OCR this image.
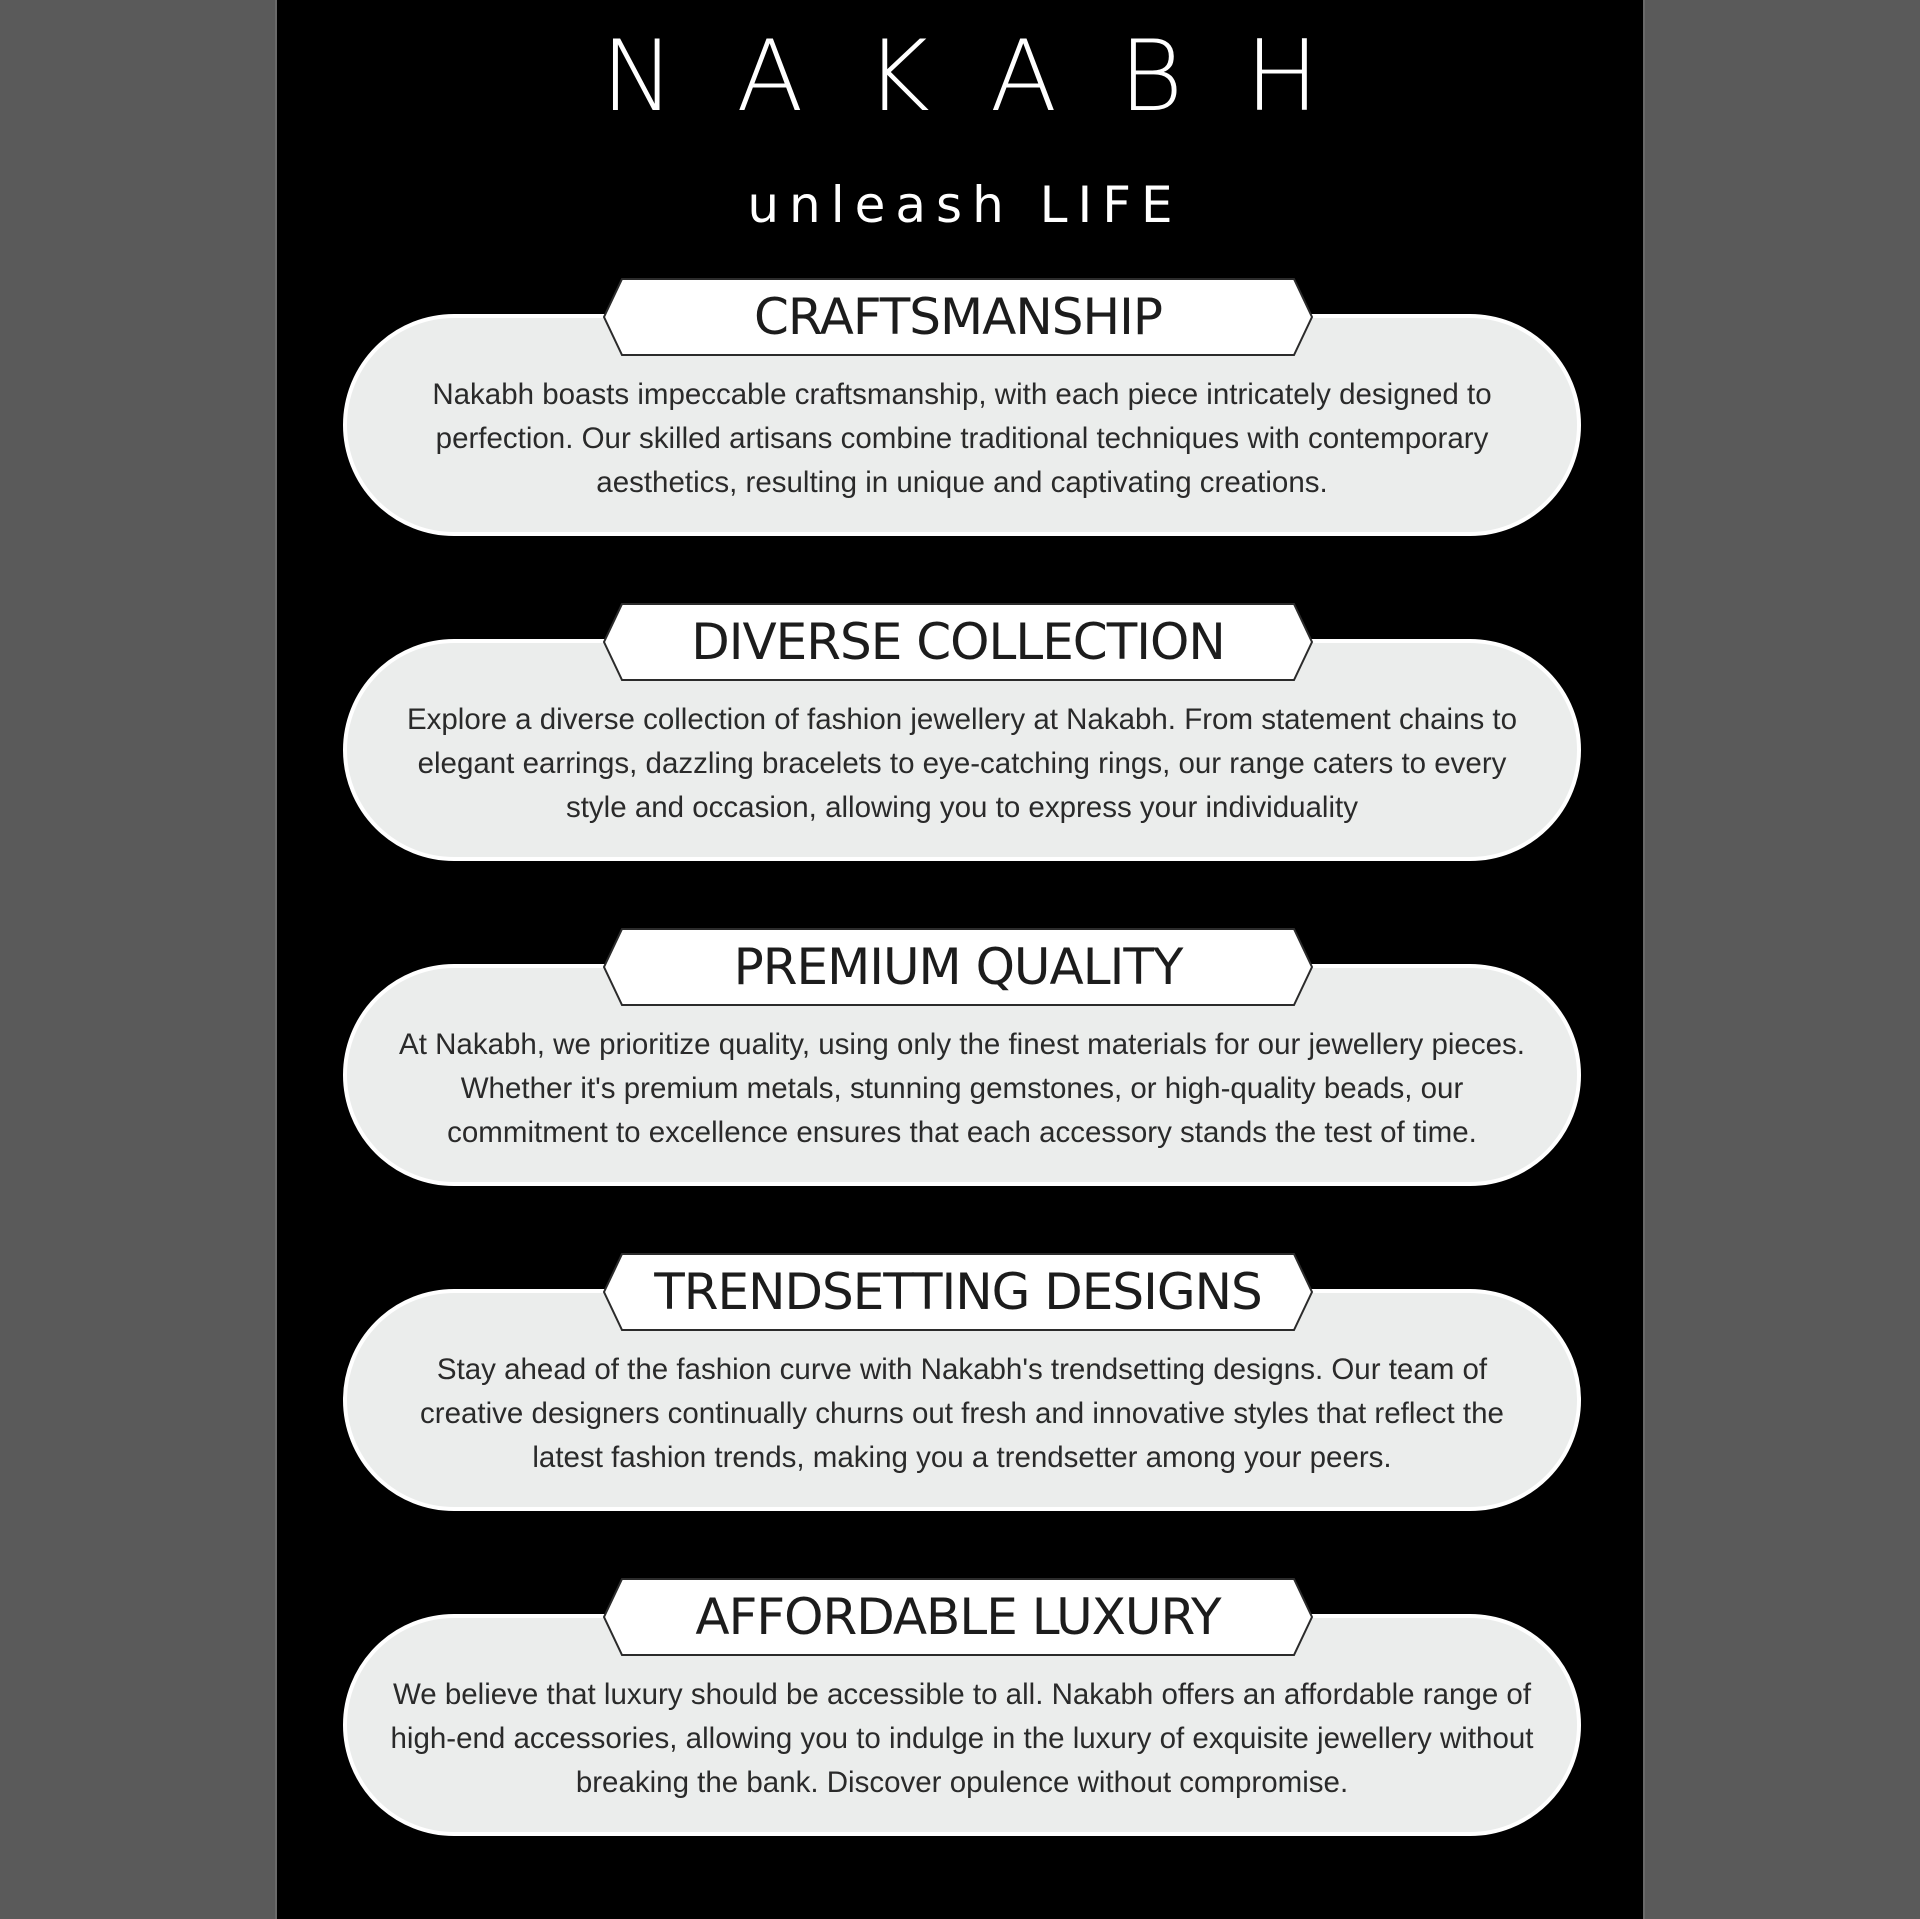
NAKABH
unleash LIFE
Nakabh boasts impeccable craftsmanship, with each piece intricately designed to perfection. Our skilled artisans combine traditional techniques with contemporary aesthetics, resulting in unique and captivating creations.
CRAFTSMANSHIP
Explore a diverse collection of fashion jewellery at Nakabh. From statement chains to elegant earrings, dazzling bracelets to eye-catching rings, our range caters to every style and occasion, allowing you to express your individuality
DIVERSE COLLECTION
At Nakabh, we prioritize quality, using only the finest materials for our jewellery pieces. Whether it's premium metals, stunning gemstones, or high-quality beads, our commitment to excellence ensures that each accessory stands the test of time.
PREMIUM QUALITY
Stay ahead of the fashion curve with Nakabh's trendsetting designs. Our team of creative designers continually churns out fresh and innovative styles that reflect the latest fashion trends, making you a trendsetter among your peers.
TRENDSETTING DESIGNS
We believe that luxury should be accessible to all. Nakabh offers an affordable range of high-end accessories, allowing you to indulge in the luxury of exquisite jewellery without breaking the bank. Discover opulence without compromise.
AFFORDABLE LUXURY
